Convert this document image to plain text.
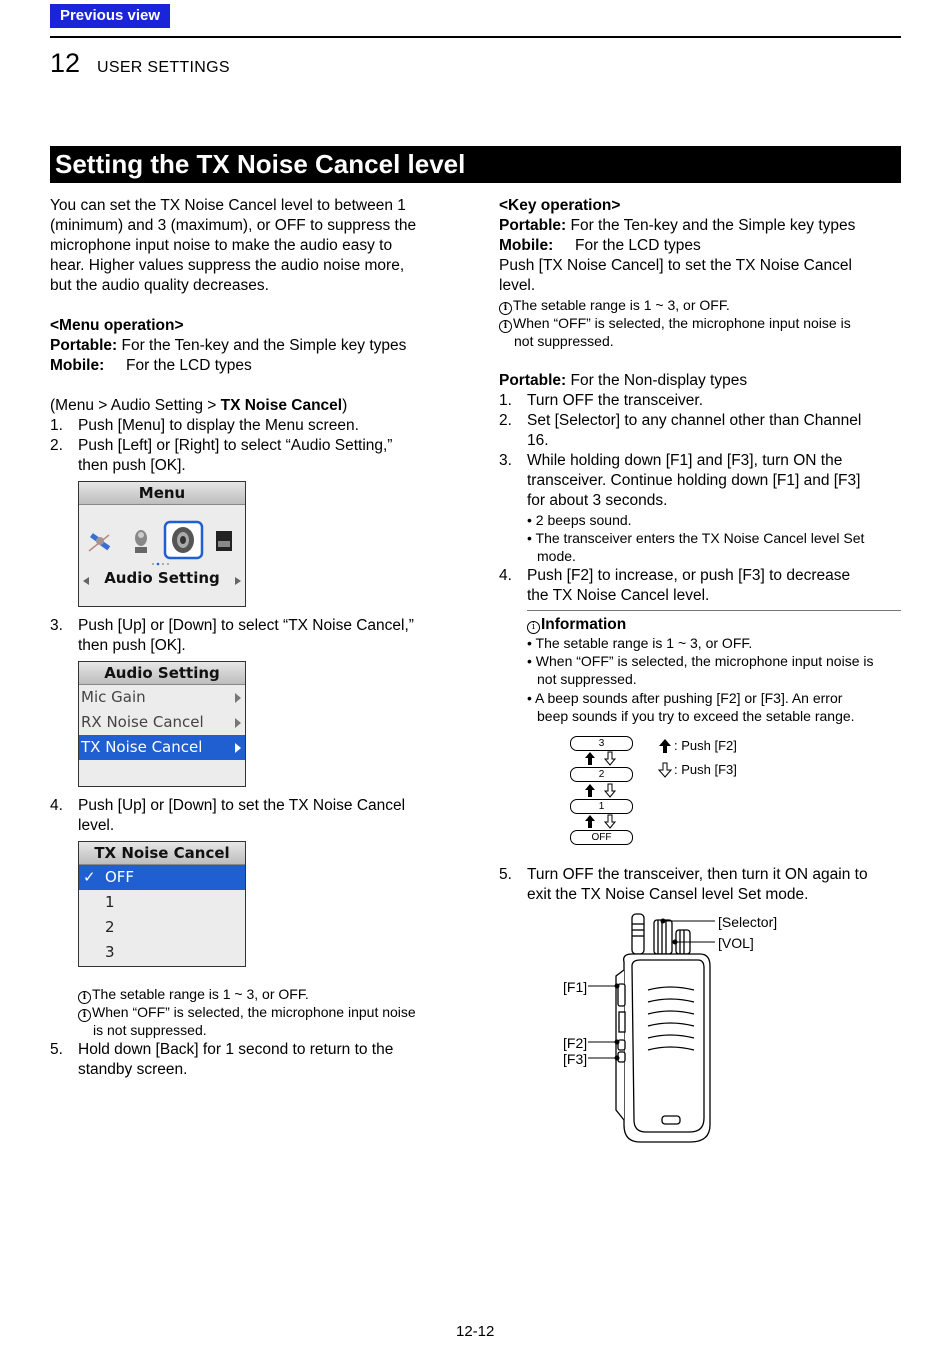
Previous view
12 USER SETTINGS
Setting the TX Noise Cancel level
You can set the TX Noise Cancel level to between 1
(minimum) and 3 (maximum), or OFF to suppress the
microphone input noise to make the audio easy to
hear. Higher values suppress the audio noise more,
but the audio quality decreases.
<Menu operation>
Portable: For the Ten-key and the Simple key types
Mobile: For the LCD types
(Menu > Audio Setting > TX Noise Cancel)
1. Push [Menu] to display the Menu screen.
2. Push [Left] or [Right] to select “Audio Setting,”
then push [OK].
Menu
Audio Setting
3. Push [Up] or [Down] to select “TX Noise Cancel,”
then push [OK].
Audio Setting
Mic Gain
RX Noise Cancel
TX Noise Cancel
4. Push [Up] or [Down] to set the TX Noise Cancel
level.
TX Noise Cancel
✓ OFF
1
2
3
i The setable range is 1 ~ 3, or OFF.
i When “OFF” is selected, the microphone input noise
is not suppressed.
5. Hold down [Back] for 1 second to return to the
standby screen.
<Key operation>
Portable: For the Ten-key and the Simple key types
Mobile: For the LCD types
Push [TX Noise Cancel] to set the TX Noise Cancel
level.
i The setable range is 1 ~ 3, or OFF.
i When “OFF” is selected, the microphone input noise is
not suppressed.
Portable: For the Non-display types
1. Turn OFF the transceiver.
2. Set [Selector] to any channel other than Channel
16.
3. While holding down [F1] and [F3], turn ON the
transceiver. Continue holding down [F1] and [F3]
for about 3 seconds.
• 2 beeps sound.
• The transceiver enters the TX Noise Cancel level Set
mode.
4. Push [F2] to increase, or push [F3] to decrease
the TX Noise Cancel level.
i Information
• The setable range is 1 ~ 3, or OFF.
• When “OFF” is selected, the microphone input noise is
not suppressed.
• A beep sounds after pushing [F2] or [F3]. An error
beep sounds if you try to exceed the setable range.
3
2
1
OFF
: Push [F2]
: Push [F3]
5. Turn OFF the transceiver, then turn it ON again to
exit the TX Noise Cansel level Set mode.
[Selector]
[VOL]
[F1]
[F2]
[F3]
12-12
